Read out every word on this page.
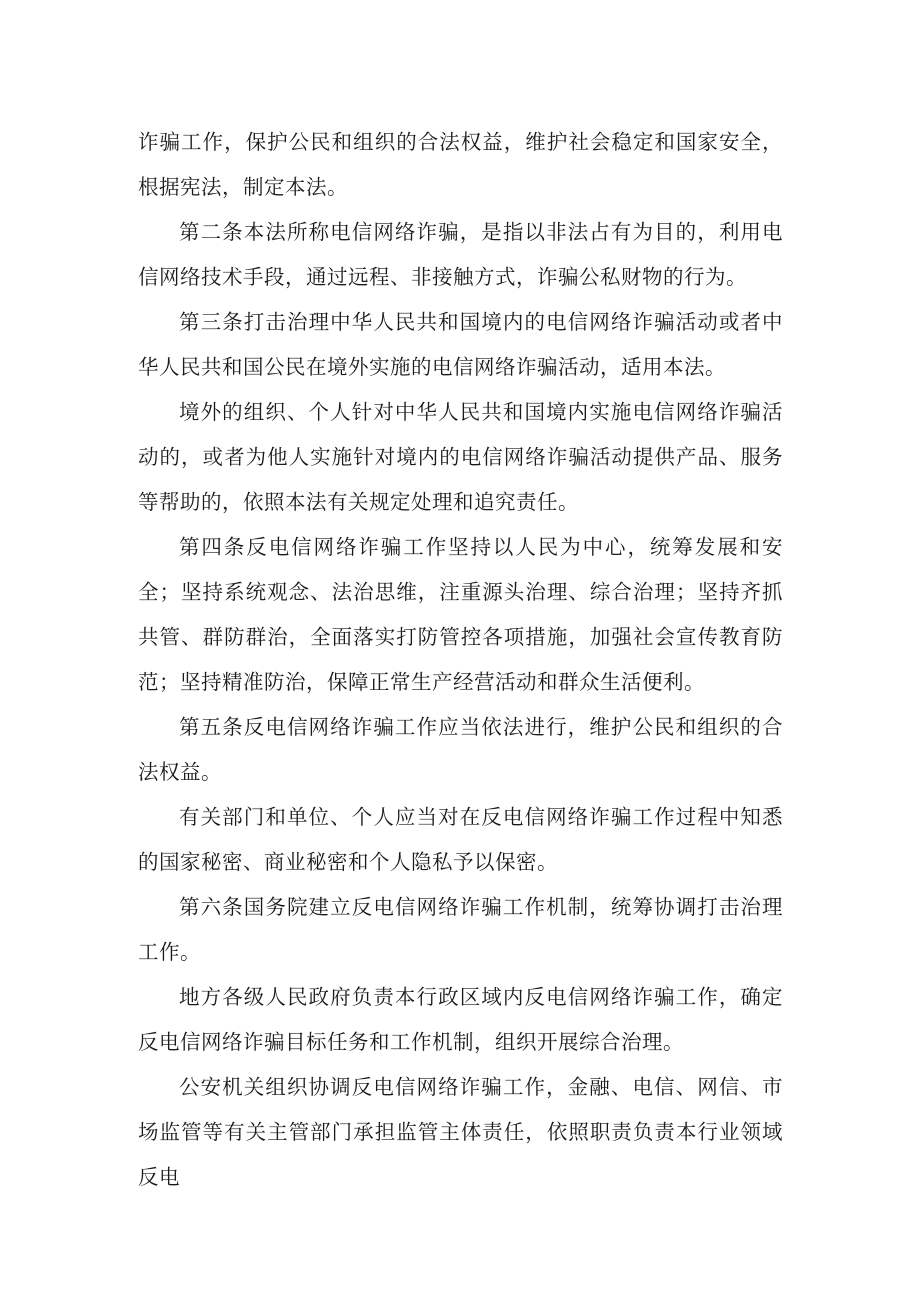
诈骗工作，保护公民和组织的合法权益，维护社会稳定和国家安全，根据宪法，制定本法。

第二条本法所称电信网络诈骗，是指以非法占有为目的，利用电信网络技术手段，通过远程、非接触方式，诈骗公私财物的行为。

第三条打击治理中华人民共和国境内的电信网络诈骗活动或者中华人民共和国公民在境外实施的电信网络诈骗活动，适用本法。

境外的组织、个人针对中华人民共和国境内实施电信网络诈骗活动的，或者为他人实施针对境内的电信网络诈骗活动提供产品、服务等帮助的，依照本法有关规定处理和追究责任。

第四条反电信网络诈骗工作坚持以人民为中心，统筹发展和安全；坚持系统观念、法治思维，注重源头治理、综合治理；坚持齐抓共管、群防群治，全面落实打防管控各项措施，加强社会宣传教育防范；坚持精准防治，保障正常生产经营活动和群众生活便利。

第五条反电信网络诈骗工作应当依法进行，维护公民和组织的合法权益。

有关部门和单位、个人应当对在反电信网络诈骗工作过程中知悉的国家秘密、商业秘密和个人隐私予以保密。

第六条国务院建立反电信网络诈骗工作机制，统筹协调打击治理工作。

地方各级人民政府负责本行政区域内反电信网络诈骗工作，确定反电信网络诈骗目标任务和工作机制，组织开展综合治理。

公安机关组织协调反电信网络诈骗工作，金融、电信、网信、市场监管等有关主管部门承担监管主体责任，依照职责负责本行业领域反电
